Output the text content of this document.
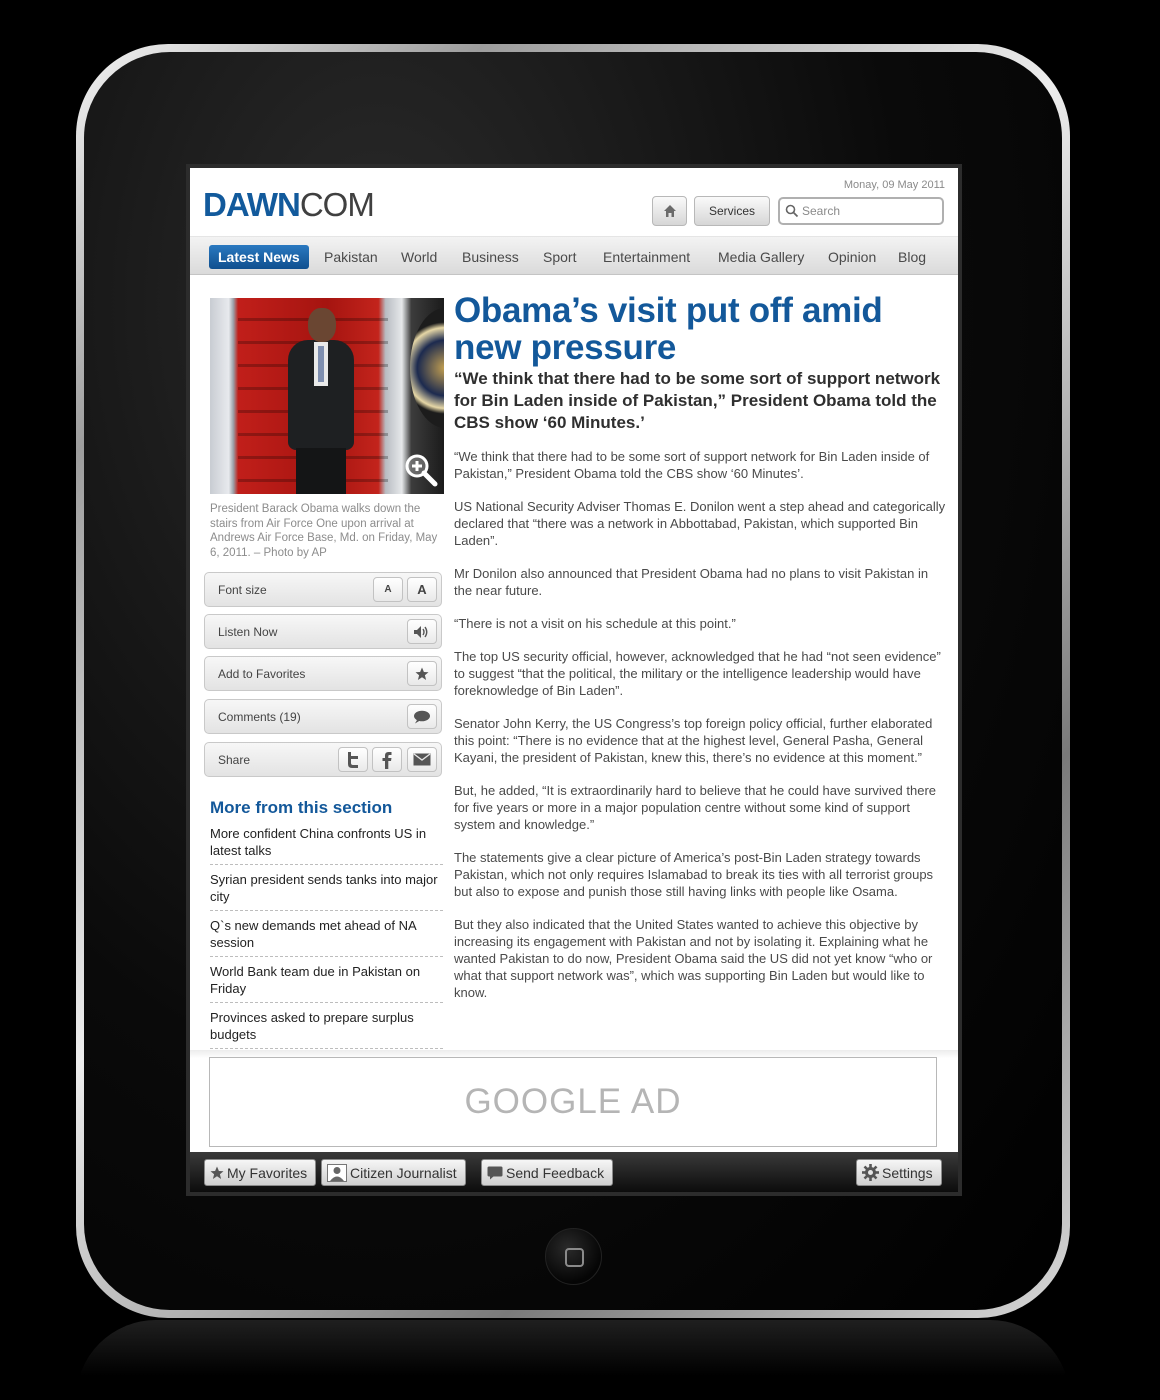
DAWNCOM
Monay, 09 May 2011
Services
Search
Latest News	Pakistan World Business Sport Entertainment Media Gallery Opinion Blog
President Barack Obama walks down the stairs from Air Force One upon arrival at Andrews Air Force Base, Md. on Friday, May 6, 2011. – Photo by AP
Font size	A	A
Listen Now
Add to Favorites
Comments (19)
Share
More from this section
More confident China confronts US in latest talks
Syrian president sends tanks into major city
Q`s new demands met ahead of NA session
World Bank team due in Pakistan on Friday
Provinces asked to prepare surplus budgets
Obama’s visit put off amid new pressure
“We think that there had to be some sort of support network for Bin Laden inside of Pakistan,” President Obama told the CBS show ‘60 Minutes.’

“We think that there had to be some sort of support network for Bin Laden inside of Pakistan,” President Obama told the CBS show ‘60 Minutes’.

US National Security Adviser Thomas E. Donilon went a step ahead and categorically declared that “there was a network in Abbottabad, Pakistan, which supported Bin Laden”.

Mr Donilon also announced that President Obama had no plans to visit Pakistan in the near future.

“There is not a visit on his schedule at this point.”

The top US security official, however, acknowledged that he had “not seen evidence” to suggest “that the political, the military or the intelligence leadership would have foreknowledge of Bin Laden”.

Senator John Kerry, the US Congress’s top foreign policy official, further elaborated this point: “There is no evidence that at the highest level, General Pasha, General Kayani, the president of Pakistan, knew this, there’s no evidence at this moment.”

But, he added, “It is extraordinarily hard to believe that he could have survived there for five years or more in a major population centre without some kind of support system and knowledge.”

The statements give a clear picture of America’s post-Bin Laden strategy towards Pakistan, which not only requires Islamabad to break its ties with all terrorist groups but also to expose and punish those still having links with people like Osama.

But they also indicated that the United States wanted to achieve this objective by increasing its engagement with Pakistan and not by isolating it. Explaining what he wanted Pakistan to do now, President Obama said the US did not yet know “who or what that support network was”, which was supporting Bin Laden but would like to know.

GOOGLE AD
My Favorites	Citizen Journalist	Send Feedback	Settings
